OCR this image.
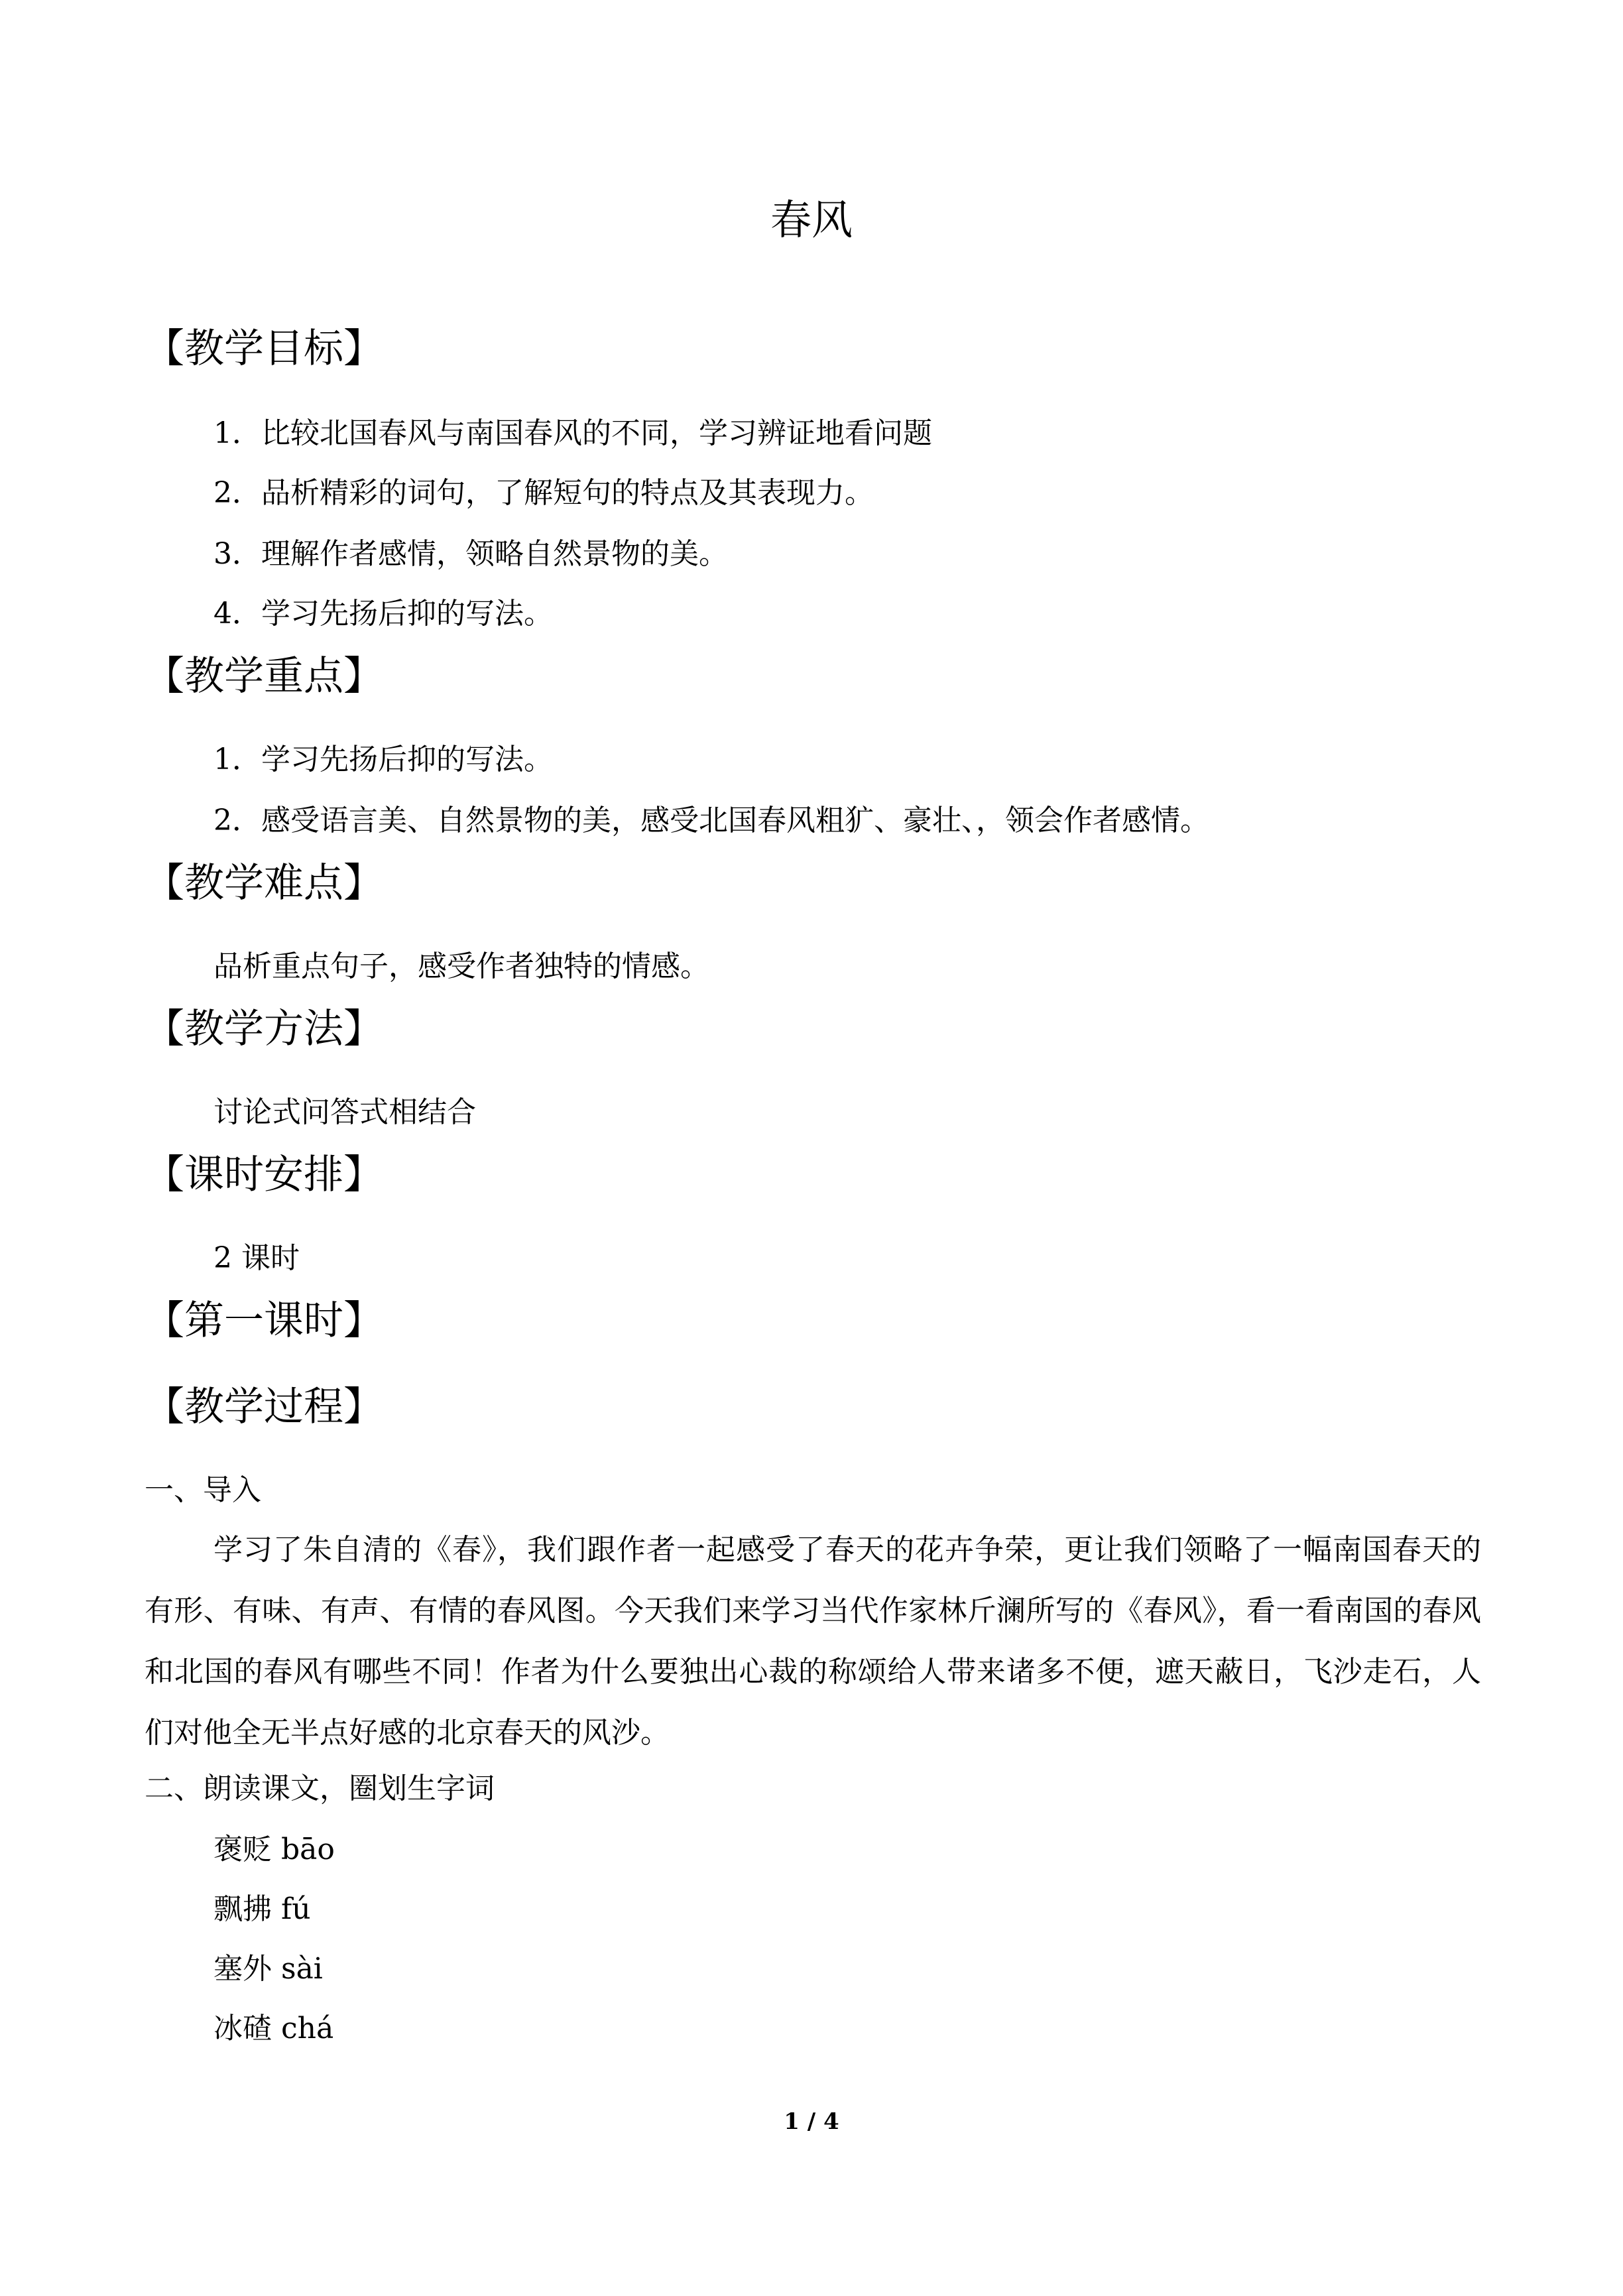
春风
【教学目标】
1．比较北国春风与南国春风的不同，学习辨证地看问题
2．品析精彩的词句，了解短句的特点及其表现力。
3．理解作者感情，领略自然景物的美。
4．学习先扬后抑的写法。
【教学重点】
1．学习先扬后抑的写法。
2．感受语言美、自然景物的美，感受北国春风粗犷、豪壮、，领会作者感情。
【教学难点】
品析重点句子，感受作者独特的情感。
【教学方法】
讨论式问答式相结合
【课时安排】
2 课时
【第一课时】
【教学过程】
一、导入
学习了朱自清的《春》，我们跟作者一起感受了春天的花卉争荣，更让我们领略了一幅南国春天的有形、有味、有声、有情的春风图。今天我们来学习当代作家林斤澜所写的《春风》，看一看南国的春风和北国的春风有哪些不同！作者为什么要独出心裁的称颂给人带来诸多不便，遮天蔽日，飞沙走石，人们对他全无半点好感的北京春天的风沙。
二、朗读课文，圈划生字词
褒贬 bāo
飘拂 fú
塞外 sài
冰碴 chá
1 / 4
